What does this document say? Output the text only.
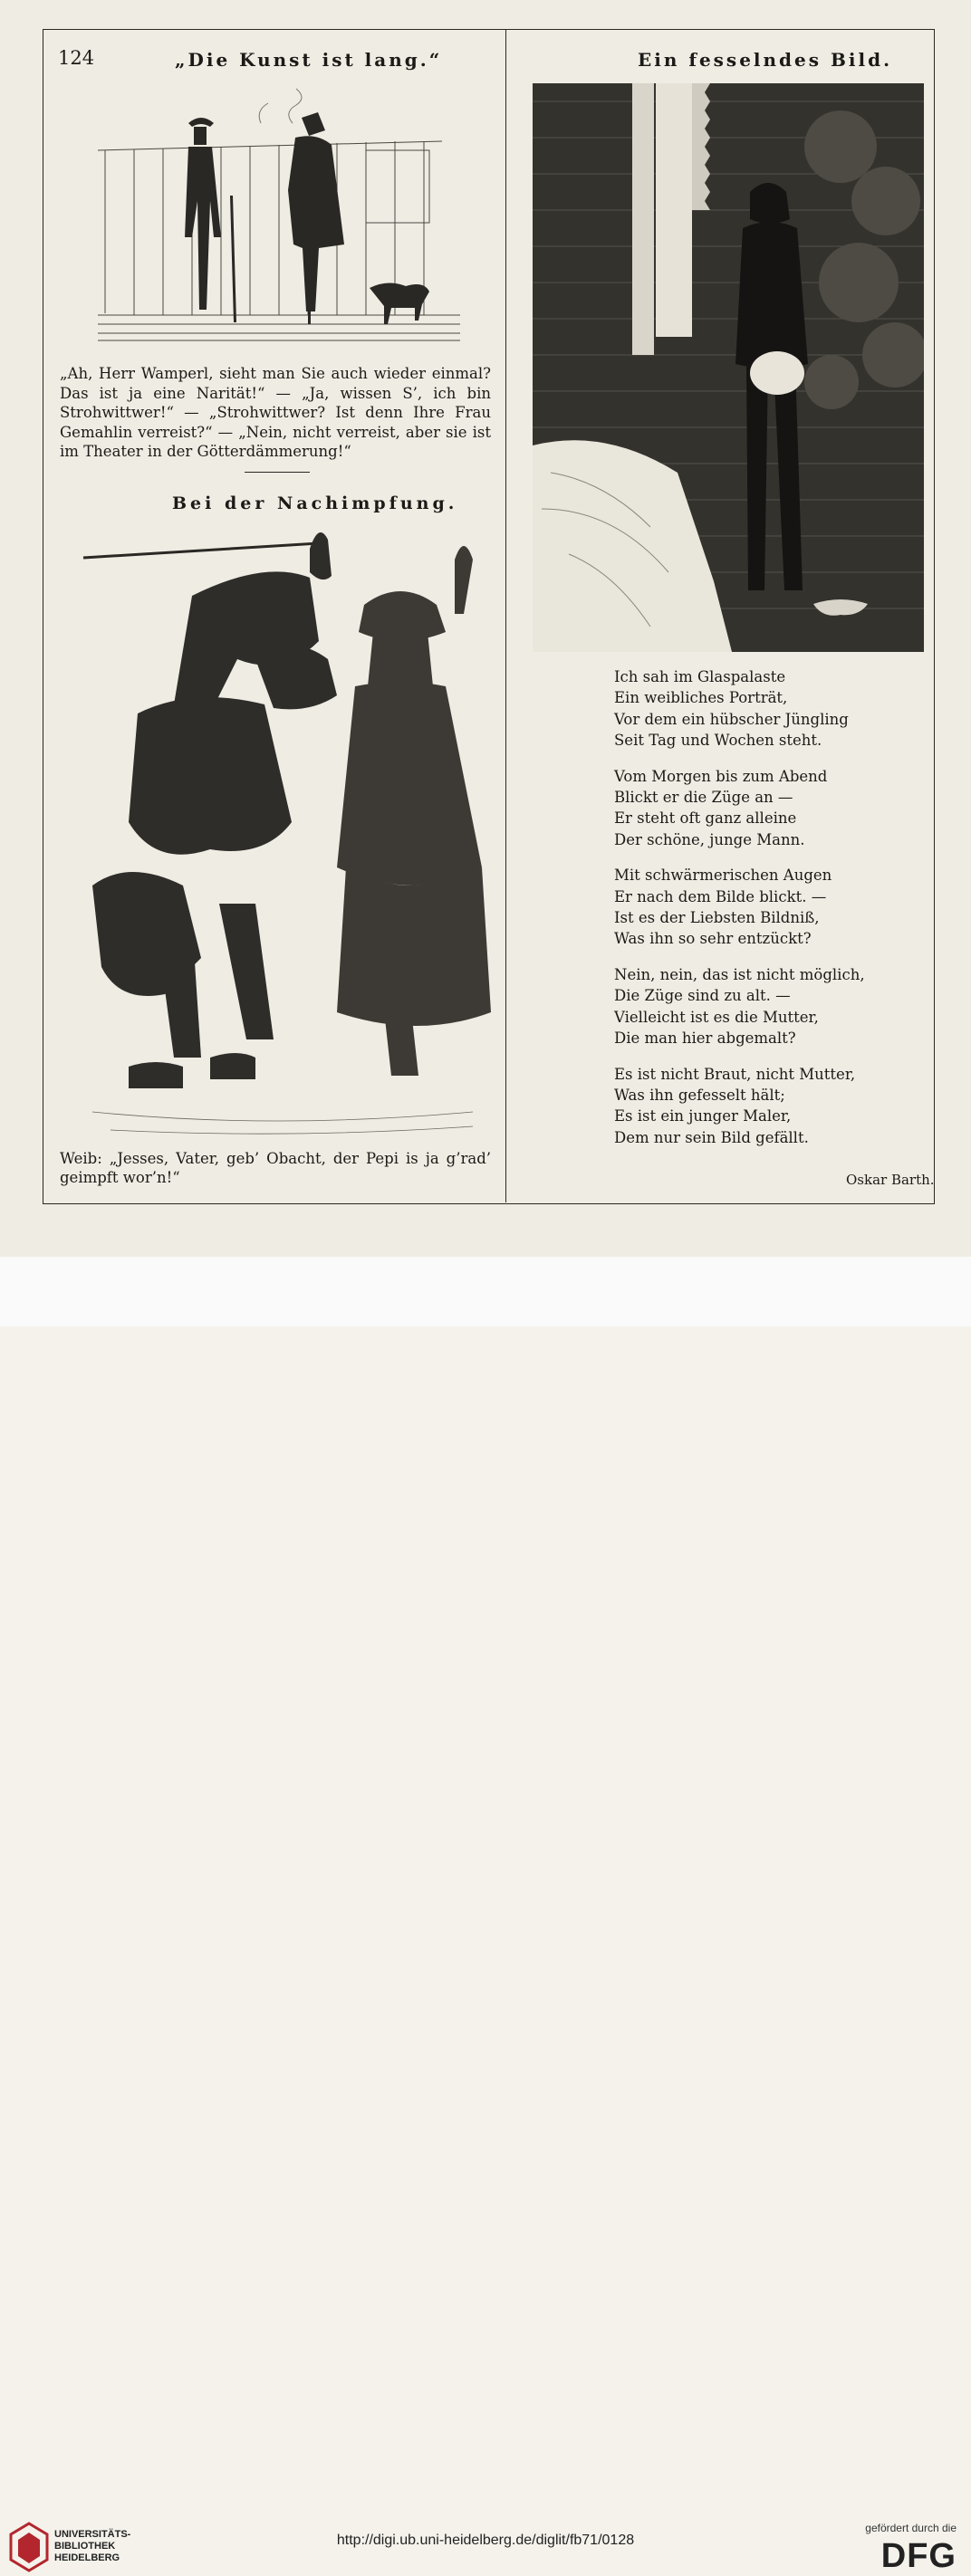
124	„Die Kunst ist lang.“	Ein fesselndes Bild.

„Ah, Herr Wamperl, sieht man Sie auch wieder einmal? Das ist ja eine Narität!“ — „Ja, wissen S’, ich bin Strohwittwer!“ — „Strohwittwer? Ist denn Ihre Frau Gemahlin verreist?“ — „Nein, nicht verreist, aber sie ist im Theater in der Götterdämmerung!“

Bei der Nachimpfung.
Weib: „Jesses, Vater, geb’ Obacht, der Pepi is ja g’rad’ geimpft wor’n!“
Ich sah im Glaspalaste
Ein weibliches Porträt,
Vor dem ein hübscher Jüngling
Seit Tag und Wochen steht.
Vom Morgen bis zum Abend
Blickt er die Züge an —
Er steht oft ganz alleine
Der schöne, junge Mann.
Mit schwärmerischen Augen
Er nach dem Bilde blickt. —
Ist es der Liebsten Bildniß,
Was ihn so sehr entzückt?
Nein, nein, das ist nicht möglich,
Die Züge sind zu alt. —
Vielleicht ist es die Mutter,
Die man hier abgemalt?
Es ist nicht Braut, nicht Mutter,
Was ihn gefesselt hält;
Es ist ein junger Maler,
Dem nur sein Bild gefällt.
Oskar Barth.
UNIVERSITÄTS-
BIBLIOTHEK
HEIDELBERG
http://digi.ub.uni-heidelberg.de/diglit/fb71/0128
gefördert durch die
DFG
